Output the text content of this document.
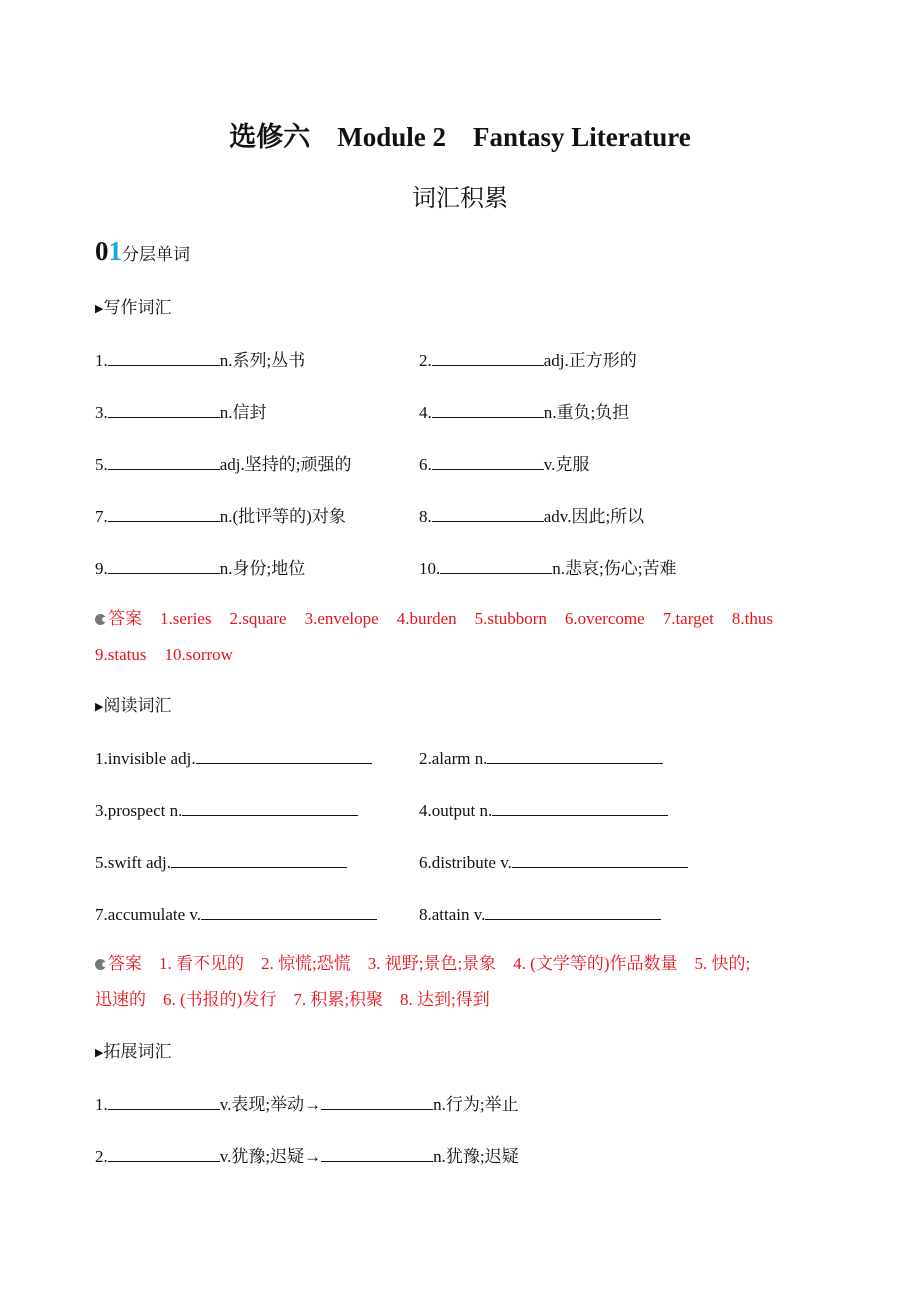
选修六　Module 2　Fantasy Literature
词汇积累
01分层单词
▶写作词汇
答案 1.series 2.square 3.envelope 4.burden 5.stubborn 6.overcome 7.target 8.thus
9.status 10.sorrow
▶阅读词汇
答案　 1. 看不见的　2. 惊慌;恐慌　3. 视野;景色;景象　4. (文学等的)作品数量　5. 快的;
迅速的　6. (书报的)发行　7. 积累;积聚　8. 达到;得到
▶拓展词汇
1.	v.表现;举动→	n.行为;举止
2.	v.犹豫;迟疑→	n.犹豫;迟疑
1.	n.系列;丛书	2.	adj.正方形的
3.	n.信封	4.	n.重负;负担
5.	adj.坚持的;顽强的	6.	v.克服
7.	n.(批评等的)对象	8.	adv.因此;所以
9.	n.身份;地位	10.	n.悲哀;伤心;苦难
1.invisible adj.	2.alarm n.
3.prospect n.	4.output n.
5.swift adj.	6.distribute v.
7.accumulate v.	8.attain v.
